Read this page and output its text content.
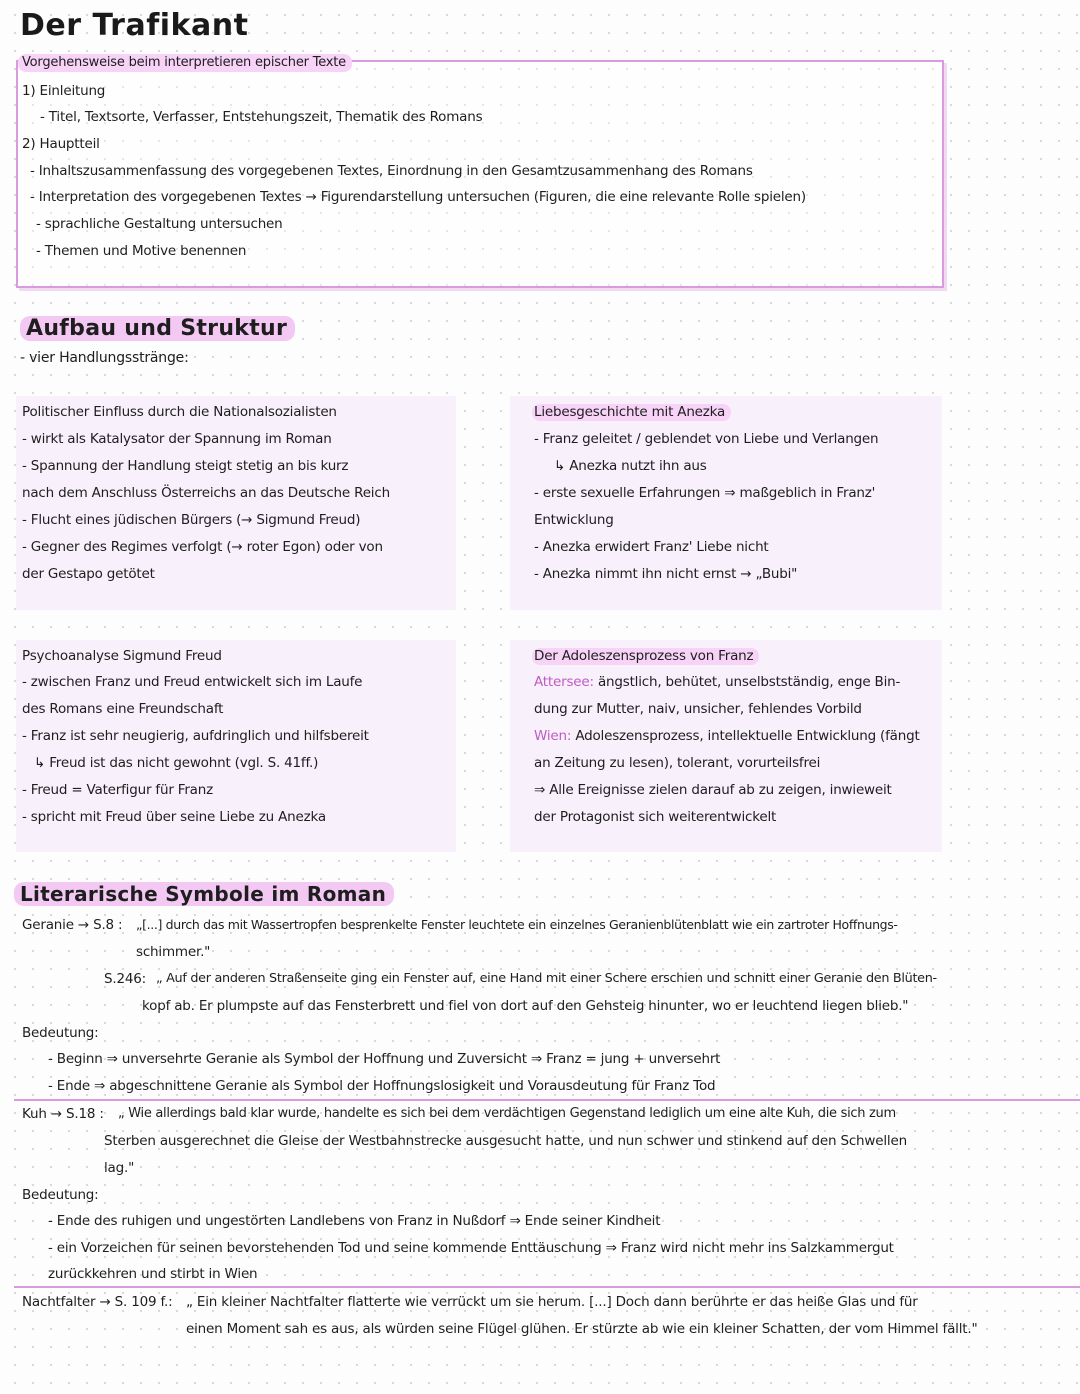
Der Trafikant
Vorgehensweise beim interpretieren epischer Texte
1) Einleitung
- Titel, Textsorte, Verfasser, Entstehungszeit, Thematik des Romans
2) Hauptteil
- Inhaltszusammenfassung des vorgegebenen Textes, Einordnung in den Gesamtzusammenhang des Romans
- Interpretation des vorgegebenen Textes → Figurendarstellung untersuchen (Figuren, die eine relevante Rolle spielen)
- sprachliche Gestaltung untersuchen
- Themen und Motive benennen
Aufbau und Struktur
- vier Handlungsstränge:
Politischer Einfluss durch die Nationalsozialisten
- wirkt als Katalysator der Spannung im Roman
- Spannung der Handlung steigt stetig an bis kurz
nach dem Anschluss Österreichs an das Deutsche Reich
- Flucht eines jüdischen Bürgers (→ Sigmund Freud)
- Gegner des Regimes verfolgt (→ roter Egon) oder von
der Gestapo getötet
Liebesgeschichte mit Anezka
- Franz geleitet / geblendet von Liebe und Verlangen
↳ Anezka nutzt ihn aus
- erste sexuelle Erfahrungen ⇒ maßgeblich in Franz'
Entwicklung
- Anezka erwidert Franz' Liebe nicht
- Anezka nimmt ihn nicht ernst → „Bubi"
Psychoanalyse Sigmund Freud
- zwischen Franz und Freud entwickelt sich im Laufe
des Romans eine Freundschaft
- Franz ist sehr neugierig, aufdringlich und hilfsbereit
↳ Freud ist das nicht gewohnt (vgl. S. 41ff.)
- Freud = Vaterfigur für Franz
- spricht mit Freud über seine Liebe zu Anezka
Der Adoleszensprozess von Franz
Attersee: ängstlich, behütet, unselbstständig, enge Bin-
dung zur Mutter, naiv, unsicher, fehlendes Vorbild
Wien: Adoleszensprozess, intellektuelle Entwicklung (fängt
an Zeitung zu lesen), tolerant, vorurteilsfrei
⇒ Alle Ereignisse zielen darauf ab zu zeigen, inwieweit
der Protagonist sich weiterentwickelt
Literarische Symbole im Roman
Geranie → S.8 : „[...] durch das mit Wassertropfen besprenkelte Fenster leuchtete ein einzelnes Geranienblütenblatt wie ein zartroter Hoffnungs-
schimmer."
S.246: „ Auf der anderen Straßenseite ging ein Fenster auf, eine Hand mit einer Schere erschien und schnitt einer Geranie den Blüten-
kopf ab. Er plumpste auf das Fensterbrett und fiel von dort auf den Gehsteig hinunter, wo er leuchtend liegen blieb."
Bedeutung:
- Beginn ⇒ unversehrte Geranie als Symbol der Hoffnung und Zuversicht ⇒ Franz = jung + unversehrt
- Ende ⇒ abgeschnittene Geranie als Symbol der Hoffnungslosigkeit und Vorausdeutung für Franz Tod
Kuh → S.18 : „ Wie allerdings bald klar wurde, handelte es sich bei dem verdächtigen Gegenstand lediglich um eine alte Kuh, die sich zum
Sterben ausgerechnet die Gleise der Westbahnstrecke ausgesucht hatte, und nun schwer und stinkend auf den Schwellen
lag."
Bedeutung:
- Ende des ruhigen und ungestörten Landlebens von Franz in Nußdorf ⇒ Ende seiner Kindheit
- ein Vorzeichen für seinen bevorstehenden Tod und seine kommende Enttäuschung ⇒ Franz wird nicht mehr ins Salzkammergut
zurückkehren und stirbt in Wien
Nachtfalter → S. 109 f.: „ Ein kleiner Nachtfalter flatterte wie verrückt um sie herum. [...] Doch dann berührte er das heiße Glas und für
einen Moment sah es aus, als würden seine Flügel glühen. Er stürzte ab wie ein kleiner Schatten, der vom Himmel fällt."
